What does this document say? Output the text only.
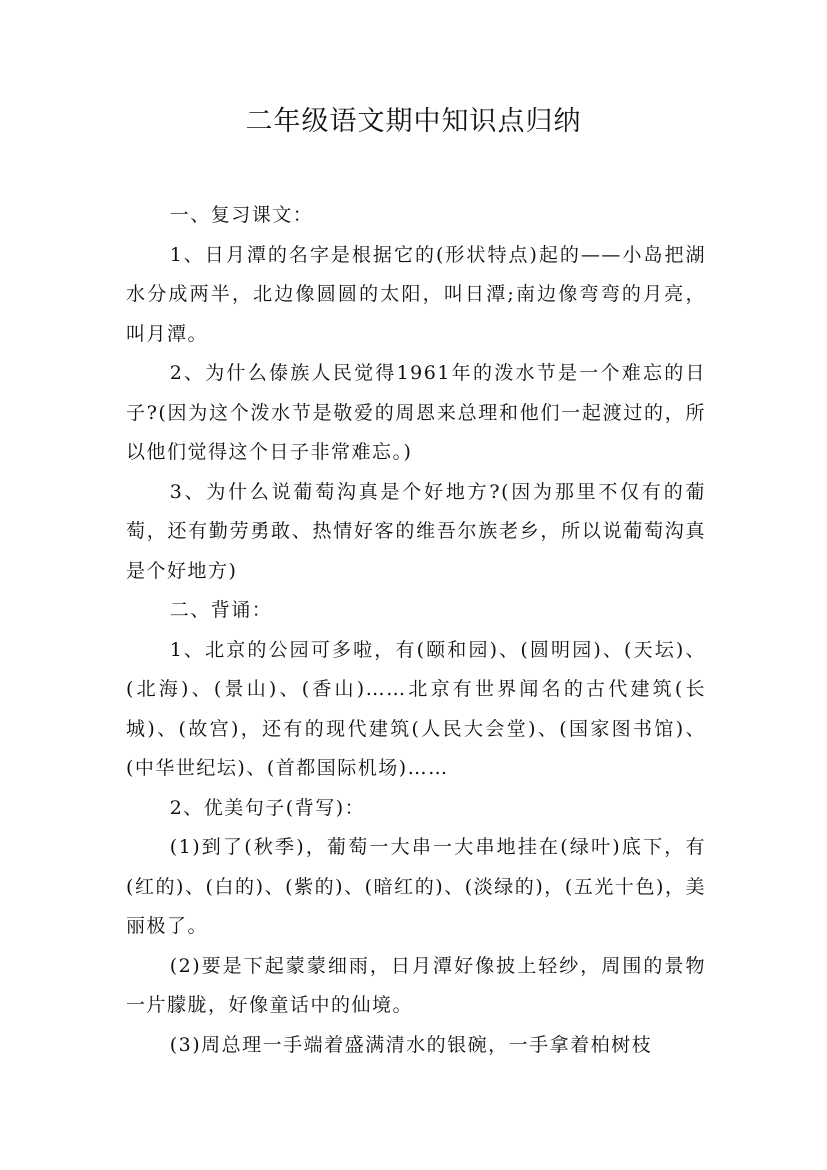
二年级语文期中知识点归纳

一、复习课文：

1、日月潭的名字是根据它的(形状特点)起的——小岛把湖水分成两半，北边像圆圆的太阳，叫日潭;南边像弯弯的月亮，叫月潭。

2、为什么傣族人民觉得1961年的泼水节是一个难忘的日子?(因为这个泼水节是敬爱的周恩来总理和他们一起渡过的，所以他们觉得这个日子非常难忘。)

3、为什么说葡萄沟真是个好地方?(因为那里不仅有的葡萄，还有勤劳勇敢、热情好客的维吾尔族老乡，所以说葡萄沟真是个好地方)

二、背诵：

1、北京的公园可多啦，有(颐和园)、(圆明园)、(天坛)、(北海)、(景山)、(香山)……北京有世界闻名的古代建筑(长城)、(故宫)，还有的现代建筑(人民大会堂)、(国家图书馆)、(中华世纪坛)、(首都国际机场)……

2、优美句子(背写)：

(1)到了(秋季)，葡萄一大串一大串地挂在(绿叶)底下，有(红的)、(白的)、(紫的)、(暗红的)、(淡绿的)，(五光十色)，美丽极了。

(2)要是下起蒙蒙细雨，日月潭好像披上轻纱，周围的景物一片朦胧，好像童话中的仙境。

(3)周总理一手端着盛满清水的银碗，一手拿着柏树枝
